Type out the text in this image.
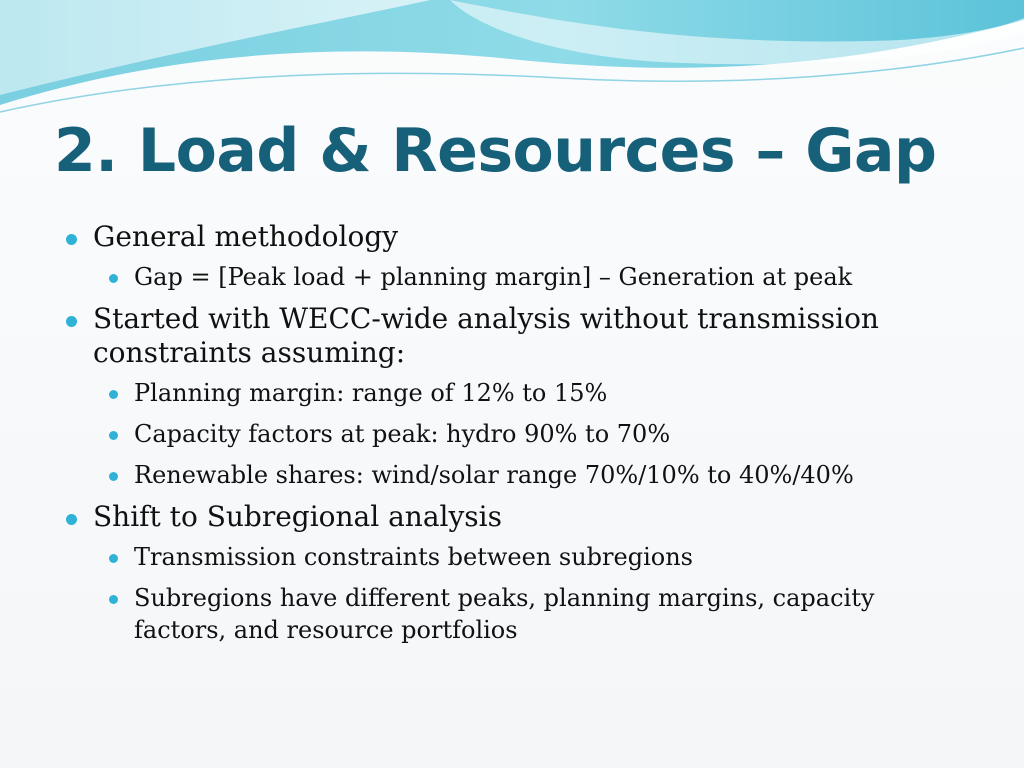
2. Load & Resources – Gap
General methodology
Gap = [Peak load + planning margin] – Generation at peak
Started with WECC-wide analysis without transmission constraints assuming:
Planning margin: range of 12% to 15%
Capacity factors at peak: hydro 90% to 70%
Renewable shares: wind/solar range 70%/10% to 40%/40%
Shift to Subregional analysis
Transmission constraints between subregions
Subregions have different peaks, planning margins, capacity factors, and resource portfolios
